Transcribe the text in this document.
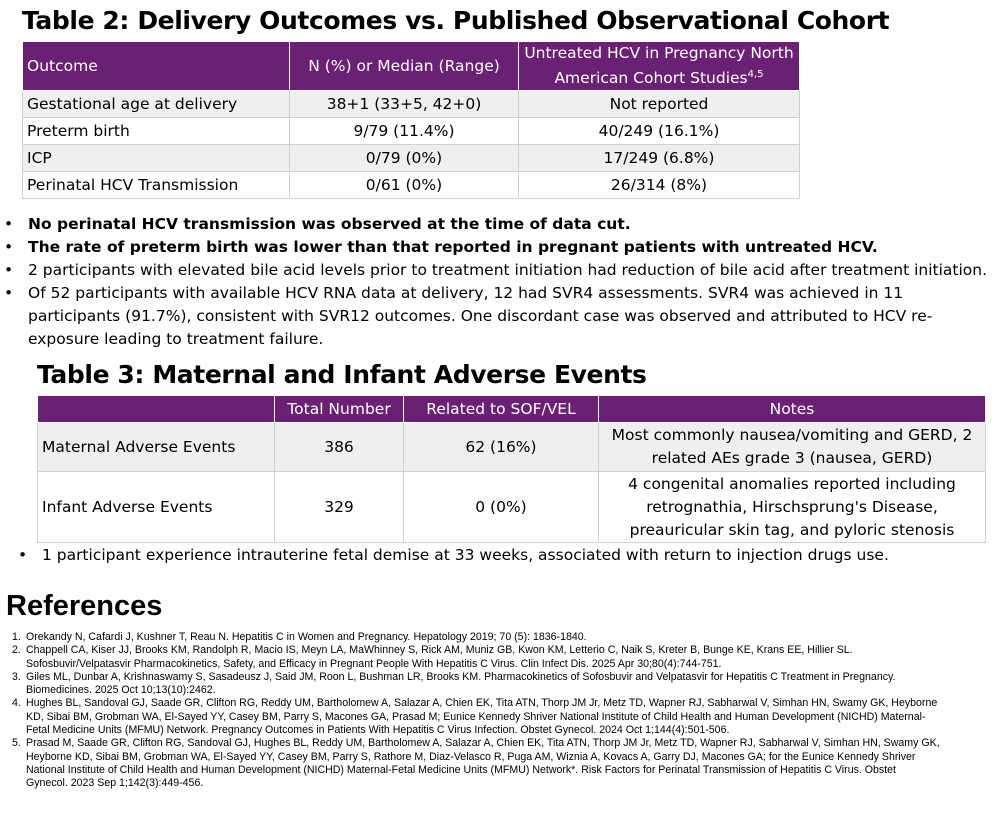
Table 2: Delivery Outcomes vs. Published Observational Cohort
Outcome	N (%) or Median (Range)	Untreated HCV in Pregnancy North American Cohort Studies$^{4,5}$
Gestational age at delivery	38+1 (33+5, 42+0)	Not reported
Preterm birth	9/79 (11.4%)	40/249 (16.1%)
ICP	0/79 (0%)	17/249 (6.8%)
Perinatal HCV Transmission	0/61 (0%)	26/314 (8%)
• No perinatal HCV transmission was observed at the time of data cut.
• The rate of preterm birth was lower than that reported in pregnant patients with untreated HCV.
• 2 participants with elevated bile acid levels prior to treatment initiation had reduction of bile acid after treatment initiation.
• Of 52 participants with available HCV RNA data at delivery, 12 had SVR4 assessments. SVR4 was achieved in 11 participants (91.7%), consistent with SVR12 outcomes. One discordant case was observed and attributed to HCV re-exposure leading to treatment failure.
Table 3: Maternal and Infant Adverse Events
	Total Number	Related to SOF/VEL	Notes
Maternal Adverse Events	386	62 (16%)	Most commonly nausea/vomiting and GERD, 2 related AEs grade 3 (nausea, GERD)
Infant Adverse Events	329	0 (0%)	4 congenital anomalies reported including retrognathia, Hirschsprung's Disease, preauricular skin tag, and pyloric stenosis
• 1 participant experience intrauterine fetal demise at 33 weeks, associated with return to injection drugs use.
References
1. Orekandy N, Cafardi J, Kushner T, Reau N. Hepatitis C in Women and Pregnancy. Hepatology 2019; 70 (5): 1836-1840.
2. Chappell CA, Kiser JJ, Brooks KM, Randolph R, Macio IS, Meyn LA, MaWhinney S, Rick AM, Muniz GB, Kwon KM, Letterio C, Naik S, Kreter B, Bunge KE, Krans EE, Hillier SL. Sofosbuvir/Velpatasvir Pharmacokinetics, Safety, and Efficacy in Pregnant People With Hepatitis C Virus. Clin Infect Dis. 2025 Apr 30;80(4):744-751.
3. Giles ML, Dunbar A, Krishnaswamy S, Sasadeusz J, Said JM, Roon L, Bushman LR, Brooks KM. Pharmacokinetics of Sofosbuvir and Velpatasvir for Hepatitis C Treatment in Pregnancy. Biomedicines. 2025 Oct 10;13(10):2462.
4. Hughes BL, Sandoval GJ, Saade GR, Clifton RG, Reddy UM, Bartholomew A, Salazar A, Chien EK, Tita ATN, Thorp JM Jr, Metz TD, Wapner RJ, Sabharwal V, Simhan HN, Swamy GK, Heyborne KD, Sibai BM, Grobman WA, El-Sayed YY, Casey BM, Parry S, Macones GA, Prasad M; Eunice Kennedy Shriver National Institute of Child Health and Human Development (NICHD) Maternal-Fetal Medicine Units (MFMU) Network. Pregnancy Outcomes in Patients With Hepatitis C Virus Infection. Obstet Gynecol. 2024 Oct 1;144(4):501-506.
5. Prasad M, Saade GR, Clifton RG, Sandoval GJ, Hughes BL, Reddy UM, Bartholomew A, Salazar A, Chien EK, Tita ATN, Thorp JM Jr, Metz TD, Wapner RJ, Sabharwal V, Simhan HN, Swamy GK, Heyborne KD, Sibai BM, Grobman WA, El-Sayed YY, Casey BM, Parry S, Rathore M, Diaz-Velasco R, Puga AM, Wiznia A, Kovacs A, Garry DJ, Macones GA; for the Eunice Kennedy Shriver National Institute of Child Health and Human Development (NICHD) Maternal-Fetal Medicine Units (MFMU) Network*. Risk Factors for Perinatal Transmission of Hepatitis C Virus. Obstet Gynecol. 2023 Sep 1;142(3):449-456.
